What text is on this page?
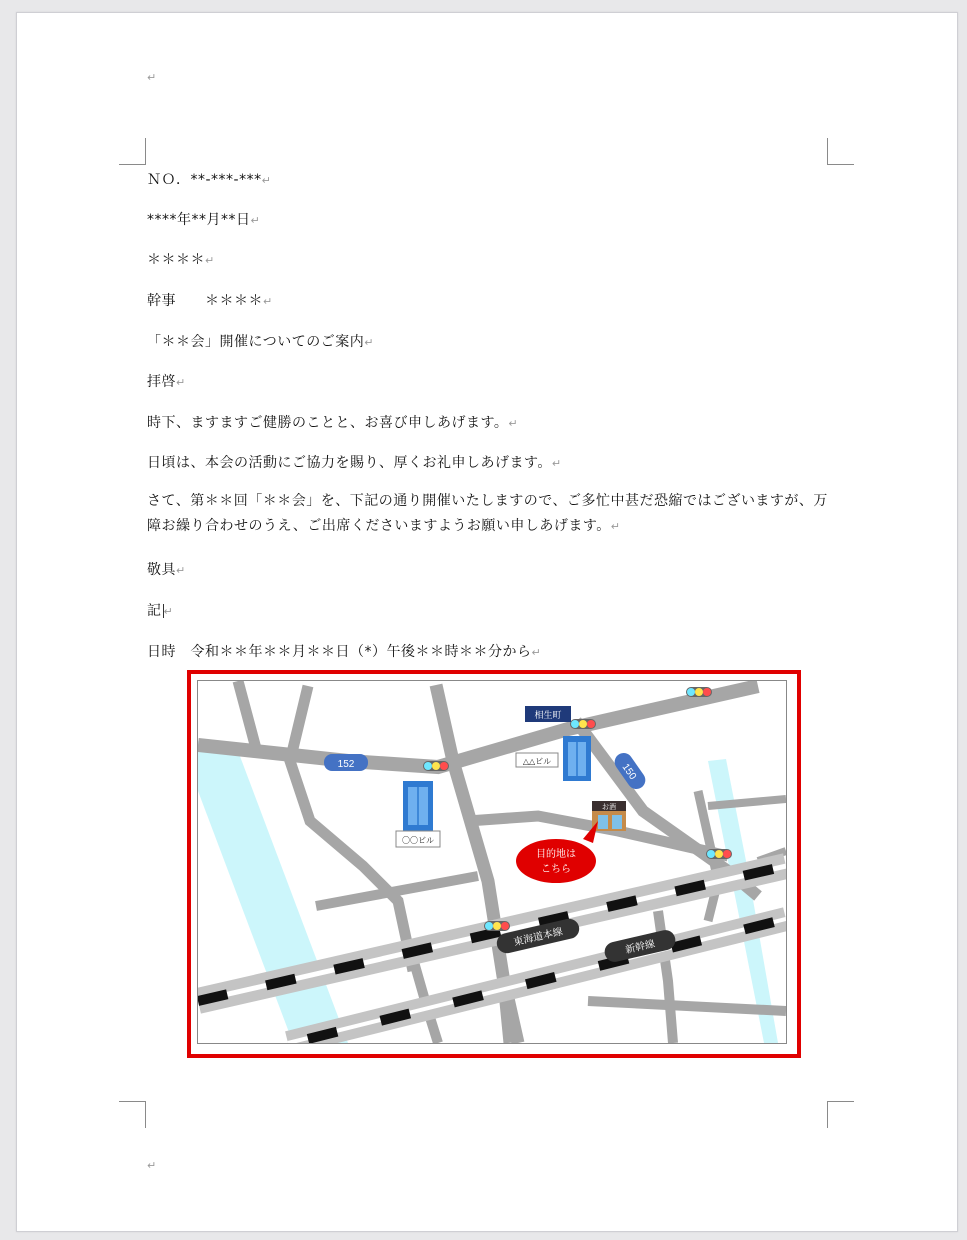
↵
ＮＯ．**-***-***↵
****年**月**日↵
＊＊＊＊↵
幹事　　＊＊＊＊↵
「＊＊会」開催についてのご案内↵
拝啓↵
時下、ますますご健勝のことと、お喜び申しあげます。↵
日頃は、本会の活動にご協力を賜り、厚くお礼申しあげます。↵
さて、第＊＊回「＊＊会」を、下記の通り開催いたしますので、ご多忙中甚だ恐縮ではございますが、万障お繰り合わせのうえ、ご出席くださいますようお願い申しあげます。↵
敬具↵
記 ↵
日時　令和＊＊年＊＊月＊＊日（*）午後＊＊時＊＊分から↵
152	150
相生町
〇〇ビル
△△ビル
お酒
目的地は
こちら
東海道本線	新幹線
↵
